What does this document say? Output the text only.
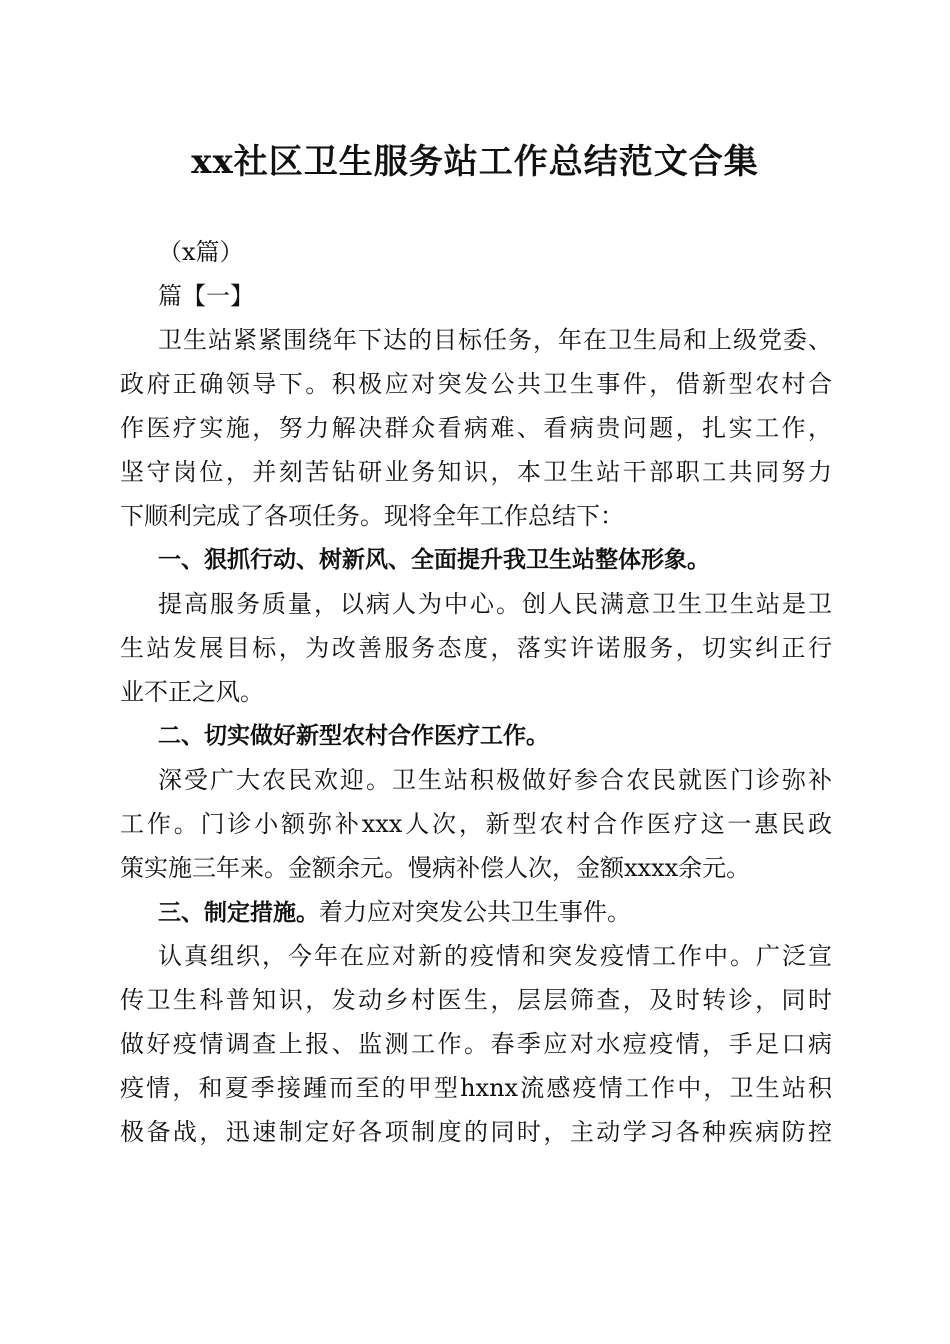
xx社区卫生服务站工作总结范文合集
（x篇）
篇【一】
卫生站紧紧围绕年下达的目标任务，年在卫生局和上级党委、
政府正确领导下。积极应对突发公共卫生事件，借新型农村合
作医疗实施，努力解决群众看病难、看病贵问题，扎实工作，
坚守岗位，并刻苦钻研业务知识，本卫生站干部职工共同努力
下顺利完成了各项任务。现将全年工作总结下：
一、狠抓行动、树新风、全面提升我卫生站整体形象。
提高服务质量，以病人为中心。创人民满意卫生卫生站是卫
生站发展目标，为改善服务态度，落实许诺服务，切实纠正行
业不正之风。
二、切实做好新型农村合作医疗工作。
深受广大农民欢迎。卫生站积极做好参合农民就医门诊弥补
工作。门诊小额弥补xxx人次，新型农村合作医疗这一惠民政
策实施三年来。金额余元。慢病补偿人次，金额xxxx余元。
三、制定措施。着力应对突发公共卫生事件。
认真组织，今年在应对新的疫情和突发疫情工作中。广泛宣
传卫生科普知识，发动乡村医生，层层筛查，及时转诊，同时
做好疫情调查上报、监测工作。春季应对水痘疫情，手足口病
疫情，和夏季接踵而至的甲型hxnx流感疫情工作中，卫生站积
极备战，迅速制定好各项制度的同时，主动学习各种疾病防控
